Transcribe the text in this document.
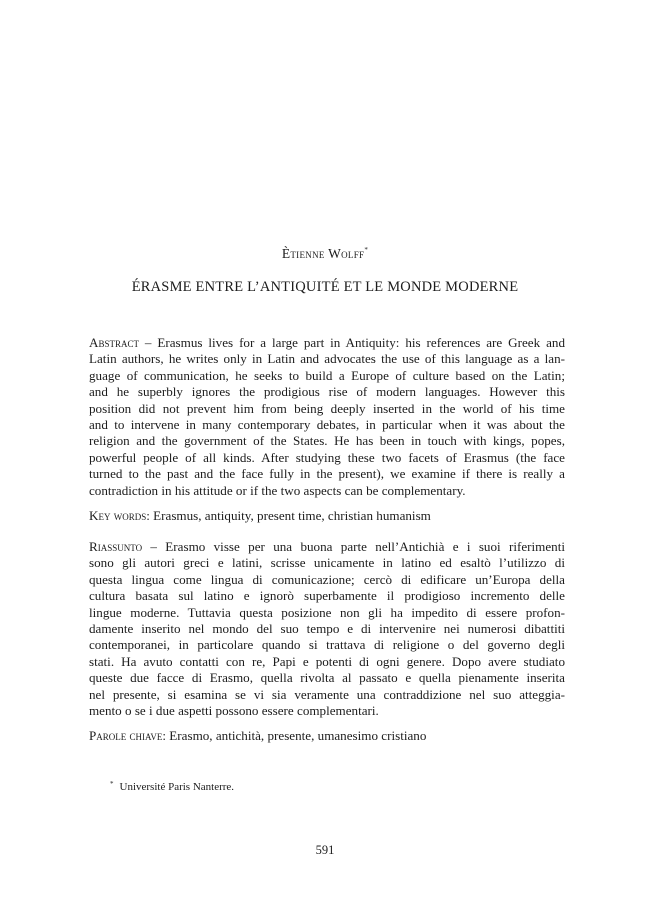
Ètienne Wolff*
ÉRASME ENTRE L’ANTIQUITÉ ET LE MONDE MODERNE
Abstract – Erasmus lives for a large part in Antiquity: his references are Greek and
Latin authors, he writes only in Latin and advocates the use of this language as a lan-
guage of communication, he seeks to build a Europe of culture based on the Latin;
and he superbly ignores the prodigious rise of modern languages. However this
position did not prevent him from being deeply inserted in the world of his time
and to intervene in many contemporary debates, in particular when it was about the
religion and the government of the States. He has been in touch with kings, popes,
powerful people of all kinds. After studying these two facets of Erasmus (the face
turned to the past and the face fully in the present), we examine if there is really a
contradiction in his attitude or if the two aspects can be complementary.
Key words: Erasmus, antiquity, present time, christian humanism
Riassunto – Erasmo visse per una buona parte nell’Antichià e i suoi riferimenti
sono gli autori greci e latini, scrisse unicamente in latino ed esaltò l’utilizzo di
questa lingua come lingua di comunicazione; cercò di edificare un’Europa della
cultura basata sul latino e ignorò superbamente il prodigioso incremento delle
lingue moderne. Tuttavia questa posizione non gli ha impedito di essere profon-
damente inserito nel mondo del suo tempo e di intervenire nei numerosi dibattiti
contemporanei, in particolare quando si trattava di religione o del governo degli
stati. Ha avuto contatti con re, Papi e potenti di ogni genere. Dopo avere studiato
queste due facce di Erasmo, quella rivolta al passato e quella pienamente inserita
nel presente, si esamina se vi sia veramente una contraddizione nel suo atteggia-
mento o se i due aspetti possono essere complementari.
Parole chiave: Erasmo, antichità, presente, umanesimo cristiano
* Université Paris Nanterre.
591
